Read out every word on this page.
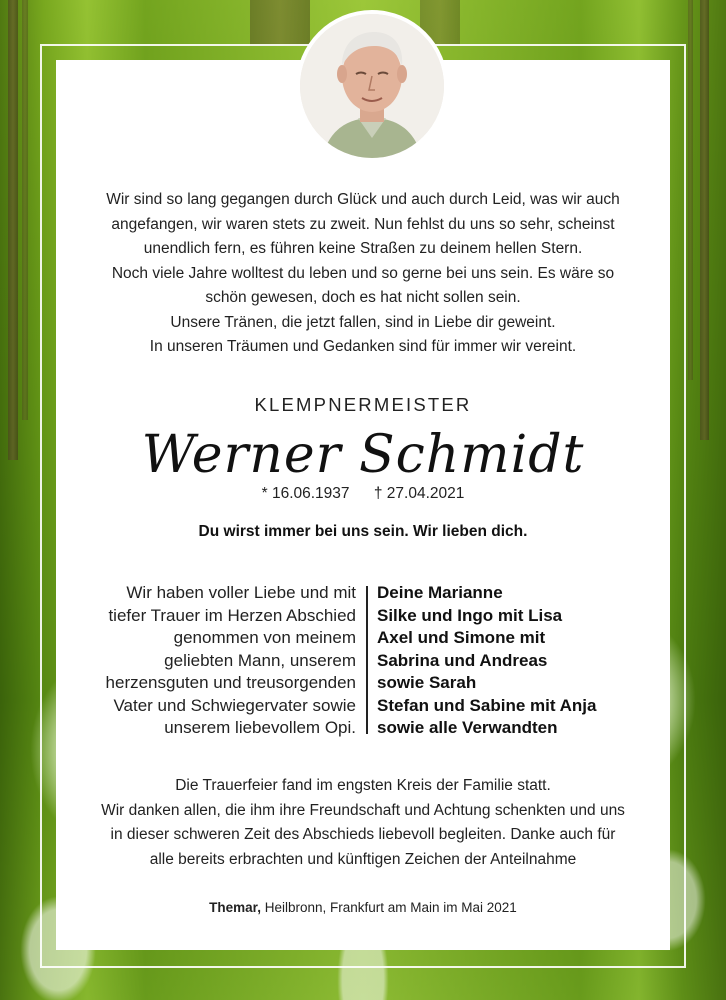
Wir sind so lang gegangen durch Glück und auch durch Leid, was wir auch
angefangen, wir waren stets zu zweit. Nun fehlst du uns so sehr, scheinst
unendlich fern, es führen keine Straßen zu deinem hellen Stern.
Noch viele Jahre wolltest du leben und so gerne bei uns sein. Es wäre so
schön gewesen, doch es hat nicht sollen sein.
Unsere Tränen, die jetzt fallen, sind in Liebe dir geweint.
In unseren Träumen und Gedanken sind für immer wir vereint.
KLEMPNERMEISTER
Werner Schmidt
* 16.06.1937 † 27.04.2021
Du wirst immer bei uns sein. Wir lieben dich.
Wir haben voller Liebe und mit
tiefer Trauer im Herzen Abschied
genommen von meinem
geliebten Mann, unserem
herzensguten und treusorgenden
Vater und Schwiegervater sowie
unserem liebevollem Opi.
Deine Marianne
Silke und Ingo mit Lisa
Axel und Simone mit
Sabrina und Andreas
sowie Sarah
Stefan und Sabine mit Anja
sowie alle Verwandten
Die Trauerfeier fand im engsten Kreis der Familie statt.
Wir danken allen, die ihm ihre Freundschaft und Achtung schenkten und uns
in dieser schweren Zeit des Abschieds liebevoll begleiten. Danke auch für
alle bereits erbrachten und künftigen Zeichen der Anteilnahme
Themar, Heilbronn, Frankfurt am Main im Mai 2021
